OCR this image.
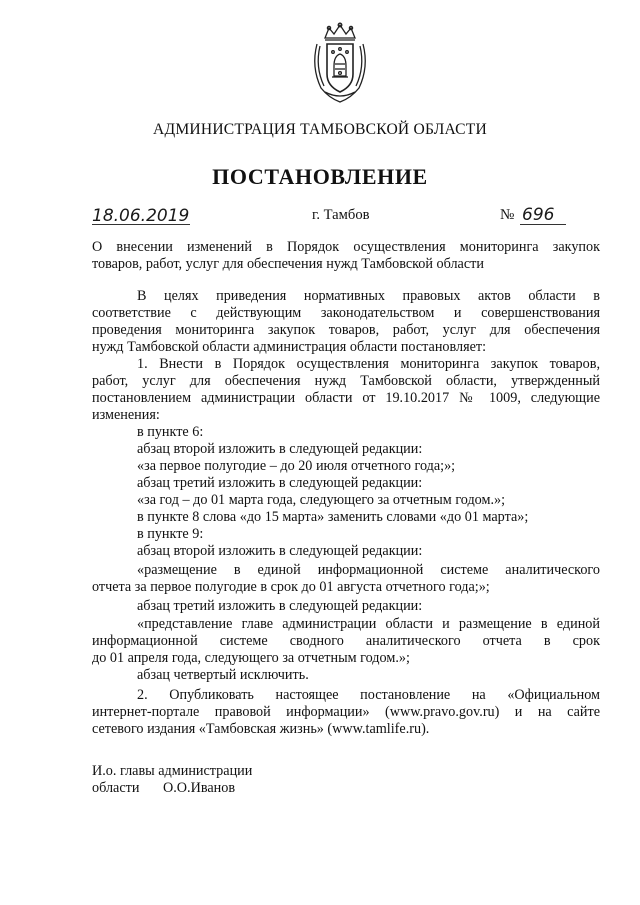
АДМИНИСТРАЦИЯ ТАМБОВСКОЙ ОБЛАСТИ
ПОСТАНОВЛЕНИЕ
18.06.2019	г. Тамбов	№ 696
О внесении изменений в Порядок осуществления мониторинга закупок
товаров, работ, услуг для обеспечения нужд Тамбовской области
В целях приведения нормативных правовых актов области в
соответствие с действующим законодательством и совершенствования
проведения мониторинга закупок товаров, работ, услуг для обеспечения
нужд Тамбовской области администрация области постановляет:
1. Внести в Порядок осуществления мониторинга закупок товаров,
работ, услуг для обеспечения нужд Тамбовской области, утвержденный
постановлением администрации области от 19.10.2017 № 1009, следующие
изменения:
в пункте 6:
абзац второй изложить в следующей редакции:
«за первое полугодие – до 20 июля отчетного года;»;
абзац третий изложить в следующей редакции:
«за год – до 01 марта года, следующего за отчетным годом.»;
в пункте 8 слова «до 15 марта» заменить словами «до 01 марта»;
в пункте 9:
абзац второй изложить в следующей редакции:
«размещение в единой информационной системе аналитического
отчета за первое полугодие в срок до 01 августа отчетного года;»;
абзац третий изложить в следующей редакции:
«представление главе администрации области и размещение в единой
информационной системе сводного аналитического отчета в срок
до 01 апреля года, следующего за отчетным годом.»;
абзац четвертый исключить.
2. Опубликовать настоящее постановление на «Официальном
интернет-портале правовой информации» (www.pravo.gov.ru) и на сайте
сетевого издания «Тамбовская жизнь» (www.tamlife.ru).
И.о. главы администрации
области О.О.Иванов
